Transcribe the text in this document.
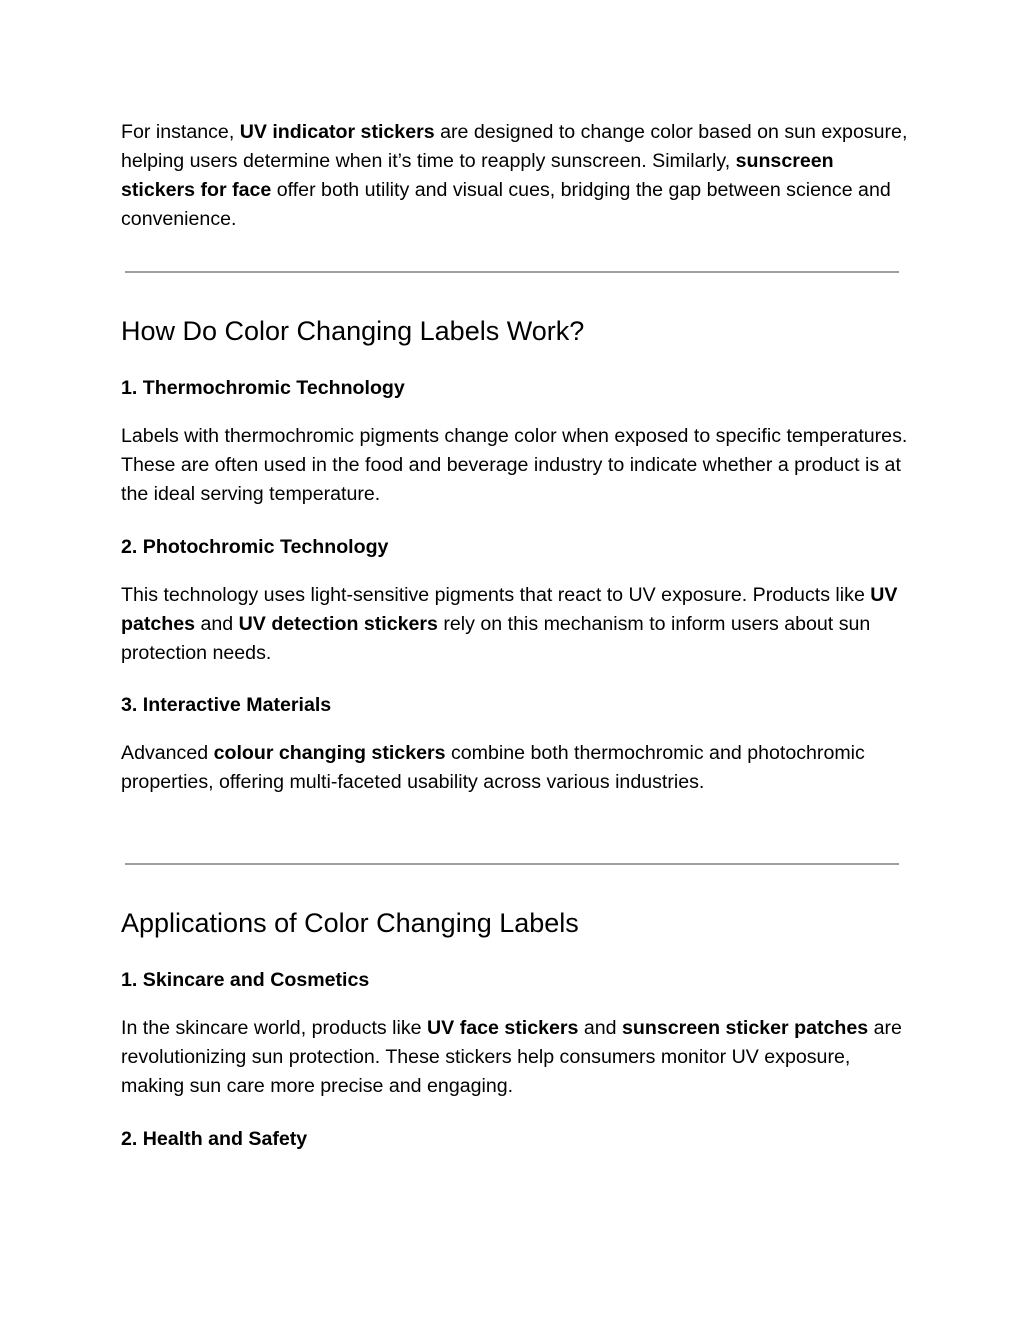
For instance, UV indicator stickers are designed to change color based on sun exposure, helping users determine when it’s time to reapply sunscreen. Similarly, sunscreen stickers for face offer both utility and visual cues, bridging the gap between science and convenience.

How Do Color Changing Labels Work?
1. Thermochromic Technology

Labels with thermochromic pigments change color when exposed to specific temperatures. These are often used in the food and beverage industry to indicate whether a product is at the ideal serving temperature.

2. Photochromic Technology

This technology uses light-sensitive pigments that react to UV exposure. Products like UV patches and UV detection stickers rely on this mechanism to inform users about sun protection needs.

3. Interactive Materials

Advanced colour changing stickers combine both thermochromic and photochromic properties, offering multi-faceted usability across various industries.

Applications of Color Changing Labels
1. Skincare and Cosmetics

In the skincare world, products like UV face stickers and sunscreen sticker patches are revolutionizing sun protection. These stickers help consumers monitor UV exposure, making sun care more precise and engaging.

2. Health and Safety
